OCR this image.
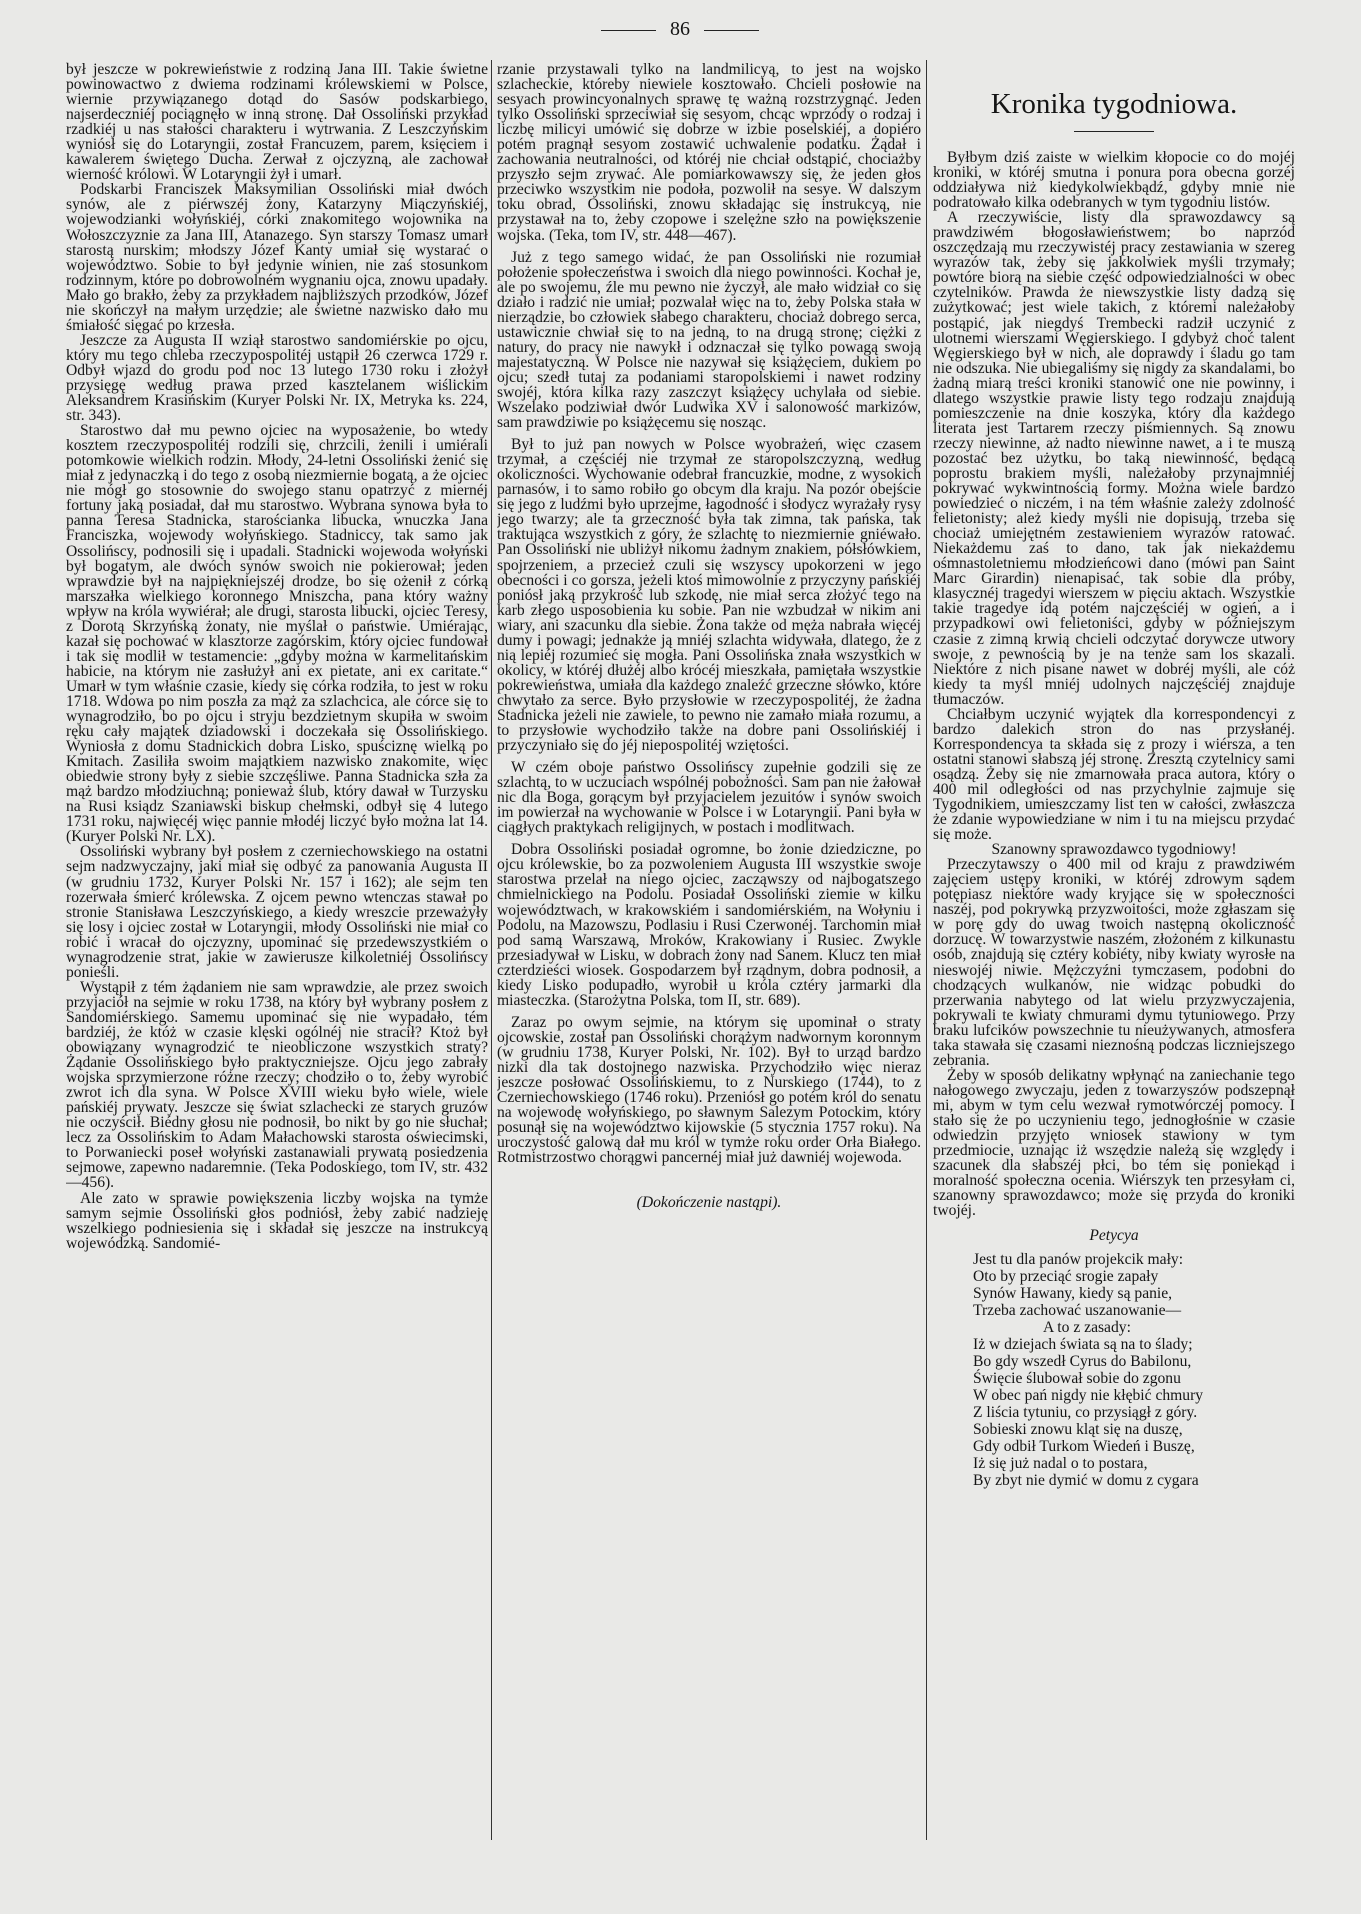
86

był jeszcze w pokrewieństwie z rodziną Jana III. Takie świetne powinowactwo z dwiema rodzinami królewskiemi w Polsce, wiernie przywiązanego dotąd do Sasów podskarbiego, najserdeczniéj pociągnęło w inną stronę. Dał Ossoliński przykład rzadkiéj u nas stałości charakteru i wytrwania. Z Leszczyńskim wyniósł się do Lotaryngii, został Francuzem, parem, księciem i kawalerem świętego Ducha. Zerwał z ojczyzną, ale zachował wierność królowi. W Lotaryngii żył i umarł.

Podskarbi Franciszek Maksymilian Ossoliński miał dwóch synów, ale z piérwszéj żony, Katarzyny Miączyńskiéj, wojewodzianki wołyńskiéj, córki znakomitego wojownika na Wołoszczyznie za Jana III, Atanazego. Syn starszy Tomasz umarł starostą nurskim; młodszy Józef Kanty umiał się wystarać o województwo. Sobie to był jedynie winien, nie zaś stosunkom rodzinnym, które po dobrowolném wygnaniu ojca, znowu upadały. Mało go brakło, żeby za przykładem najbliższych przodków, Józef nie skończył na małym urzędzie; ale świetne nazwisko dało mu śmiałość sięgać po krzesła.

Jeszcze za Augusta II wziął starostwo sandomiérskie po ojcu, który mu tego chleba rzeczypospolitéj ustąpił 26 czerwca 1729 r. Odbył wjazd do grodu pod noc 13 lutego 1730 roku i złożył przysięgę według prawa przed kasztelanem wiślickim Aleksandrem Krasińskim (Kuryer Polski Nr. IX, Metryka ks. 224, str. 343).

Starostwo dał mu pewno ojciec na wyposażenie, bo wtedy kosztem rzeczypospolitéj rodzili się, chrzcili, żenili i umiérali potomkowie wielkich rodzin. Młody, 24-letni Ossoliński żenić się miał z jedynaczką i do tego z osobą niezmiernie bogatą, a że ojciec nie mógł go stosownie do swojego stanu opatrzyć z miernéj fortuny jaką posiadał, dał mu starostwo. Wybrana synowa była to panna Teresa Stadnicka, starościanka libucka, wnuczka Jana Franciszka, wojewody wołyńskiego. Stadniccy, tak samo jak Ossolińscy, podnosili się i upadali. Stadnicki wojewoda wołyński był bogatym, ale dwóch synów swoich nie pokierował; jeden wprawdzie był na najpiękniejszéj drodze, bo się ożenił z córką marszałka wielkiego koronnego Mniszcha, pana który ważny wpływ na króla wywiérał; ale drugi, starosta libucki, ojciec Teresy, z Dorotą Skrzyńską żonaty, nie myślał o państwie. Umiérając, kazał się pochować w klasztorze zagórskim, który ojciec fundował i tak się modlił w testamencie: „gdyby można w karmelitańskim habicie, na którym nie zasłużył ani ex pietate, ani ex caritate.“ Umarł w tym właśnie czasie, kiedy się córka rodziła, to jest w roku 1718. Wdowa po nim poszła za mąż za szlachcica, ale córce się to wynagrodziło, bo po ojcu i stryju bezdzietnym skupiła w swoim ręku cały majątek dziadowski i doczekała się Ossolińskiego. Wyniosła z domu Stadnickich dobra Lisko, spuściznę wielką po Kmitach. Zasiliła swoim majątkiem nazwisko znakomite, więc obiedwie strony były z siebie szczęśliwe. Panna Stadnicka szła za mąż bardzo młodziuchną; ponieważ ślub, który dawał w Turzysku na Rusi ksiądz Szaniawski biskup chełmski, odbył się 4 lutego 1731 roku, najwięcéj więc pannie młodéj liczyć było można lat 14. (Kuryer Polski Nr. LX).

Ossoliński wybrany był posłem z czerniechowskiego na ostatni sejm nadzwyczajny, jaki miał się odbyć za panowania Augusta II (w grudniu 1732, Kuryer Polski Nr. 157 i 162); ale sejm ten rozerwała śmierć królewska. Z ojcem pewno wtenczas stawał po stronie Stanisława Leszczyńskiego, a kiedy wreszcie przeważyły się losy i ojciec został w Lotaryngii, młody Ossoliński nie miał co robić i wracał do ojczyzny, upominać się przedewszystkiém o wynagrodzenie strat, jakie w zawierusze kilkoletniéj Ossolińscy ponieśli.

Wystąpił z tém żądaniem nie sam wprawdzie, ale przez swoich przyjaciół na sejmie w roku 1738, na który był wybrany posłem z Sandomiérskiego. Samemu upominać się nie wypadało, tém bardziéj, że któż w czasie klęski ogólnéj nie stracił? Ktoż był obowiązany wynagrodzić te nieobliczone wszystkich straty? Żądanie Ossolińskiego było praktyczniejsze. Ojcu jego zabrały wojska sprzymierzone różne rzeczy; chodziło o to, żeby wyrobić zwrot ich dla syna. W Polsce XVIII wieku było wiele, wiele pańskiéj prywaty. Jeszcze się świat szlachecki ze starych gruzów nie oczyścił. Biédny głosu nie podnosił, bo nikt by go nie słuchał; lecz za Ossolińskim to Adam Małachowski starosta oświecimski, to Porwaniecki poseł wołyński zastanawiali prywatą posiedzenia sejmowe, zapewno nadaremnie. (Teka Podoskiego, tom IV, str. 432—456).

Ale zato w sprawie powiększenia liczby wojska na tymże samym sejmie Ossoliński głos podniósł, żeby zabić nadzieję wszelkiego podniesienia się i składał się jeszcze na instrukcyą wojewódzką. Sandomié-

rzanie przystawali tylko na landmilicyą, to jest na wojsko szlacheckie, któreby niewiele kosztowało. Chcieli posłowie na sesyach prowincyonalnych sprawę tę ważną rozstrzygnąć. Jeden tylko Ossoliński sprzeciwiał się sesyom, chcąc wprzódy o rodzaj i liczbę milicyi umówić się dobrze w izbie poselskiéj, a dopiéro potém pragnął sesyom zostawić uchwalenie podatku. Żądał i zachowania neutralności, od któréj nie chciał odstąpić, chociażby przyszło sejm zrywać. Ale pomiarkowawszy się, że jeden głos przeciwko wszystkim nie podoła, pozwolił na sesye. W dalszym toku obrad, Ossoliński, znowu składając się instrukcyą, nie przystawał na to, żeby czopowe i szelężne szło na powiększenie wojska. (Teka, tom IV, str. 448—467).

Już z tego samego widać, że pan Ossoliński nie rozumiał położenie społeczeństwa i swoich dla niego powinności. Kochał je, ale po swojemu, źle mu pewno nie życzył, ale mało widział co się działo i radzić nie umiał; pozwalał więc na to, żeby Polska stała w nierządzie, bo człowiek słabego charakteru, chociaż dobrego serca, ustawicznie chwiał się to na jedną, to na drugą stronę; ciężki z natury, do pracy nie nawykł i odznaczał się tylko powagą swoją majestatyczną. W Polsce nie nazywał się książęciem, dukiem po ojcu; szedł tutaj za podaniami staropolskiemi i nawet rodziny swojéj, która kilka razy zaszczyt książęcy uchylała od siebie. Wszelako podziwiał dwór Ludwika XV i salonowość markizów, sam prawdziwie po książęcemu się nosząc.

Był to już pan nowych w Polsce wyobrażeń, więc czasem trzymał, a częściéj nie trzymał ze staropolszczyzną, według okoliczności. Wychowanie odebrał francuzkie, modne, z wysokich parnasów, i to samo robiło go obcym dla kraju. Na pozór obejście się jego z ludźmi było uprzejme, łagodność i słodycz wyrażały rysy jego twarzy; ale ta grzeczność była tak zimna, tak pańska, tak traktująca wszystkich z góry, że szlachtę to niezmiernie gniéwało. Pan Ossoliński nie ubliżył nikomu żadnym znakiem, półsłówkiem, spojrzeniem, a przecież czuli się wszyscy upokorzeni w jego obecności i co gorsza, jeżeli ktoś mimowolnie z przyczyny pańskiéj poniósł jaką przykrość lub szkodę, nie miał serca złożyć tego na karb złego usposobienia ku sobie. Pan nie wzbudzał w nikim ani wiary, ani szacunku dla siebie. Żona także od męża nabrała więcéj dumy i powagi; jednakże ją mniéj szlachta widywała, dlatego, że z nią lepiéj rozumieć się mogła. Pani Ossolińska znała wszystkich w okolicy, w któréj dłużéj albo krócéj mieszkała, pamiętała wszystkie pokrewieństwa, umiała dla każdego znaleźć grzeczne słówko, które chwytało za serce. Było przysłowie w rzeczypospolitéj, że żadna Stadnicka jeżeli nie zawiele, to pewno nie zamało miała rozumu, a to przysłowie wychodziło także na dobre pani Ossolińskiéj i przyczyniało się do jéj niepospolitéj wziętości.

W czém oboje państwo Ossolińscy zupełnie godzili się ze szlachtą, to w uczuciach wspólnéj pobożności. Sam pan nie żałował nic dla Boga, gorącym był przyjacielem jezuitów i synów swoich im powierzał na wychowanie w Polsce i w Lotaryngii. Pani była w ciągłych praktykach religijnych, w postach i modlitwach.

Dobra Ossoliński posiadał ogromne, bo żonie dziedziczne, po ojcu królewskie, bo za pozwoleniem Augusta III wszystkie swoje starostwa przelał na niego ojciec, zacząwszy od najbogatszego chmielnickiego na Podolu. Posiadał Ossoliński ziemie w kilku województwach, w krakowskiém i sandomiérskiém, na Wołyniu i Podolu, na Mazowszu, Podlasiu i Rusi Czerwonéj. Tarchomin miał pod samą Warszawą, Mroków, Krakowiany i Rusiec. Zwykle przesiadywał w Lisku, w dobrach żony nad Sanem. Klucz ten miał czterdzieści wiosek. Gospodarzem był rządnym, dobra podnosił, a kiedy Lisko podupadło, wyrobił u króla cztéry jarmarki dla miasteczka. (Starożytna Polska, tom II, str. 689).

Zaraz po owym sejmie, na którym się upominał o straty ojcowskie, został pan Ossoliński chorążym nadwornym koronnym (w grudniu 1738, Kuryer Polski, Nr. 102). Był to urząd bardzo nizki dla tak dostojnego nazwiska. Przychodziło więc nieraz jeszcze posłować Ossolińskiemu, to z Nurskiego (1744), to z Czerniechowskiego (1746 roku). Przeniósł go potém król do senatu na wojewodę wołyńskiego, po sławnym Salezym Potockim, który posunął się na województwo kijowskie (5 stycznia 1757 roku). Na uroczystość galową dał mu król w tymże roku order Orła Białego. Rotmistrzostwo chorągwi pancernéj miał już dawniéj wojewoda.

(Dokończenie nastąpi).

Kronika tygodniowa.

Byłbym dziś zaiste w wielkim kłopocie co do mojéj kroniki, w któréj smutna i ponura pora obecna gorzéj oddziaływa niż kiedykolwiekbądź, gdyby mnie nie podratowało kilka odebranych w tym tygodniu listów.

A rzeczywiście, listy dla sprawozdawcy są prawdziwém błogosławieństwem; bo naprzód oszczędzają mu rzeczywistéj pracy zestawiania w szereg wyrazów tak, żeby się jakkolwiek myśli trzymały; powtóre biorą na siebie część odpowiedzialności w obec czytelników. Prawda że niewszystkie listy dadzą się zużytkować; jest wiele takich, z któremi należałoby postąpić, jak niegdyś Trembecki radził uczynić z ulotnemi wierszami Węgierskiego. I gdybyż choć talent Węgierskiego był w nich, ale doprawdy i śladu go tam nie odszuka. Nie ubiegaliśmy się nigdy za skandalami, bo żadną miarą treści kroniki stanowić one nie powinny, i dlatego wszystkie prawie listy tego rodzaju znajdują pomieszczenie na dnie koszyka, który dla każdego literata jest Tartarem rzeczy piśmiennych. Są znowu rzeczy niewinne, aż nadto niewinne nawet, a i te muszą pozostać bez użytku, bo taką niewinność, będącą poprostu brakiem myśli, należałoby przynajmniéj pokrywać wykwintnością formy. Można wiele bardzo powiedzieć o niczém, i na tém właśnie zależy zdolność felietonisty; ależ kiedy myśli nie dopisują, trzeba się chociaż umiejętném zestawieniem wyrazów ratować. Niekażdemu zaś to dano, tak jak niekażdemu ośmnastoletniemu młodzieńcowi dano (mówi pan Saint Marc Girardin) nienapisać, tak sobie dla próby, klasycznéj tragedyi wierszem w pięciu aktach. Wszystkie takie tragedye idą potém najczęściéj w ogień, a i przypadkowi owi felietoniści, gdyby w późniejszym czasie z zimną krwią chcieli odczytać dorywcze utwory swoje, z pewnością by je na tenże sam los skazali. Niektóre z nich pisane nawet w dobréj myśli, ale cóż kiedy ta myśl mniéj udolnych najczęściéj znajduje tłumaczów.

Chciałbym uczynić wyjątek dla korrespondencyi z bardzo dalekich stron do nas przysłanéj. Korrespondencya ta składa się z prozy i wiérsza, a ten ostatni stanowi słabszą jéj stronę. Zresztą czytelnicy sami osądzą. Żeby się nie zmarnowała praca autora, który o 400 mil odległości od nas przychylnie zajmuje się Tygodnikiem, umieszczamy list ten w całości, zwłaszcza że zdanie wypowiedziane w nim i tu na miejscu przydać się może.

Szanowny sprawozdawco tygodniowy!

Przeczytawszy o 400 mil od kraju z prawdziwém zajęciem ustępy kroniki, w któréj zdrowym sądem potępiasz niektóre wady kryjące się w społeczności naszéj, pod pokrywką przyzwoitości, może zgłaszam się w porę gdy do uwag twoich następną okoliczność dorzucę. W towarzystwie naszém, złożoném z kilkunastu osób, znajdują się cztéry kobiéty, niby kwiaty wyrosłe na nieswojéj niwie. Mężczyźni tymczasem, podobni do chodzących wulkanów, nie widząc pobudki do przerwania nabytego od lat wielu przyzwyczajenia, pokrywali te kwiaty chmurami dymu tytuniowego. Przy braku lufcików powszechnie tu nieużywanych, atmosfera taka stawała się czasami nieznośną podczas liczniejszego zebrania.

Żeby w sposób delikatny wpłynąć na zaniechanie tego nałogowego zwyczaju, jeden z towarzyszów podszepnął mi, abym w tym celu wezwał rymotwórczéj pomocy. I stało się że po uczynieniu tego, jednogłośnie w czasie odwiedzin przyjęto wniosek stawiony w tym przedmiocie, uznając iż wszędzie należą się względy i szacunek dla słabszéj płci, bo tém się poniekąd i moralność społeczna ocenia. Wiérszyk ten przesyłam ci, szanowny sprawozdawco; może się przyda do kroniki twojéj.

Petycya

Jest tu dla panów projekcik mały:
Oto by przeciąć srogie zapały
Synów Hawany, kiedy są panie,
Trzeba zachować uszanowanie—
A to z zasady:
Iż w dziejach świata są na to ślady;
Bo gdy wszedł Cyrus do Babilonu,
Święcie ślubował sobie do zgonu
W obec pań nigdy nie kłębić chmury
Z liścia tytuniu, co przysiągł z góry.
Sobieski znowu kląt się na duszę,
Gdy odbił Turkom Wiedeń i Buszę,
Iż się już nadal o to postara,
By zbyt nie dymić w domu z cygara
